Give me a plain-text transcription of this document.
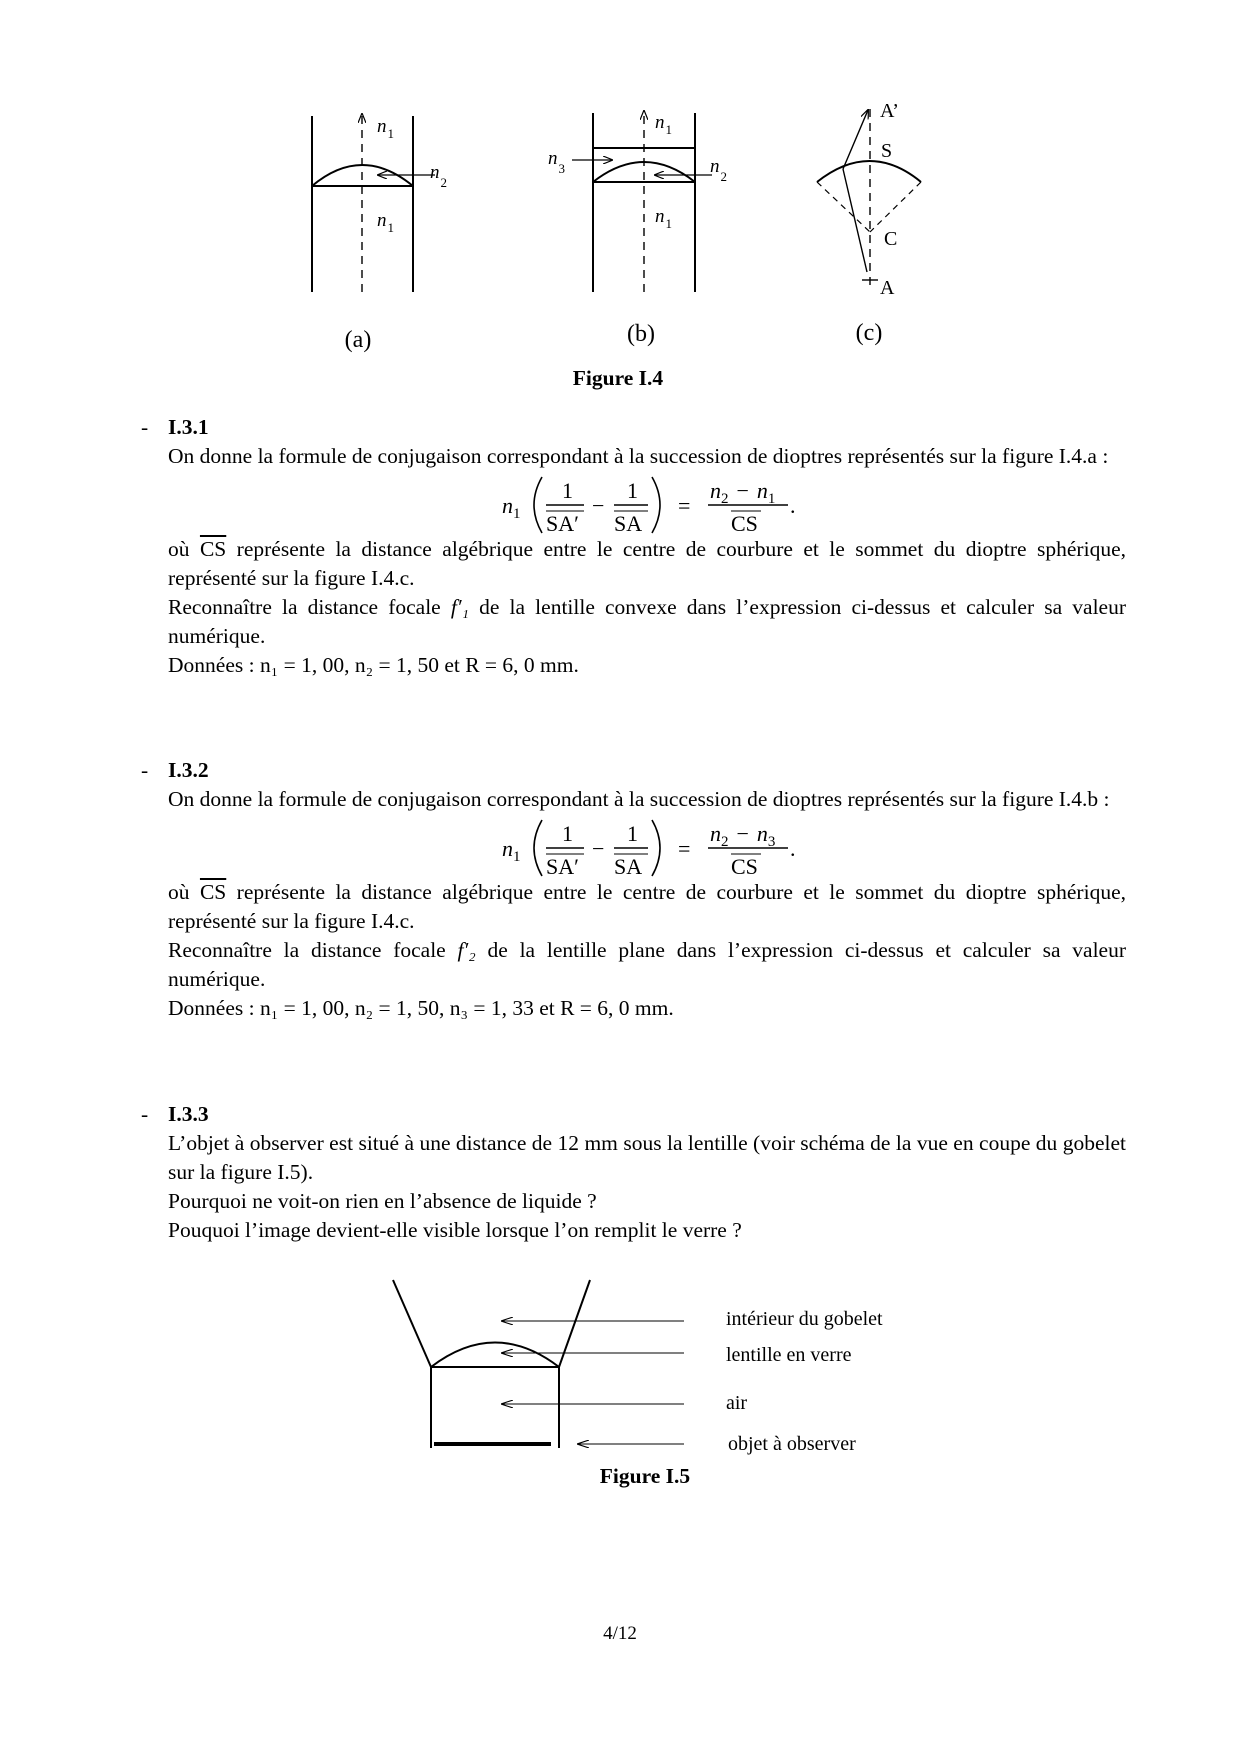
$n_1$
$n_2$
$n_1$
(a)
$n_1$
$n_3$	$n_2$
$n_1$
(b)
A’
S
C
A
(c)
Figure I.4
- I.3.1

On donne la formule de conjugaison correspondant à la succession de dioptres représentés sur la figure I.4.a :

$n_1$
1
SA′
−
1
SA
=
$n_2 - n_1$
CS
.

où $\overline{CS}$ représente la distance algébrique entre le centre de courbure et le sommet du dioptre sphérique, représenté sur la figure I.4.c.

Reconnaître la distance focale f′₁ de la lentille convexe dans l’expression ci-dessus et calculer sa valeur numérique.

Données : n₁ = 1, 00, n₂ = 1, 50 et R = 6, 0 mm.

- I.3.2

On donne la formule de conjugaison correspondant à la succession de dioptres représentés sur la figure I.4.b :

$n_1$
1
SA′
−
1
SA
=
$n_2 - n_3$
CS
.

où $\overline{CS}$ représente la distance algébrique entre le centre de courbure et le sommet du dioptre sphérique, représenté sur la figure I.4.c.

Reconnaître la distance focale f′₂ de la lentille plane dans l’expression ci-dessus et calculer sa valeur numérique.

Données : n₁ = 1, 00, n₂ = 1, 50, n₃ = 1, 33 et R = 6, 0 mm.

- I.3.3

L’objet à observer est situé à une distance de 12 mm sous la lentille (voir schéma de la vue en coupe du gobelet sur la figure I.5).

Pourquoi ne voit-on rien en l’absence de liquide ?

Pouquoi l’image devient-elle visible lorsque l’on remplit le verre ?

intérieur du gobelet
lentille en verre
air
objet à observer
Figure I.5
4/12
